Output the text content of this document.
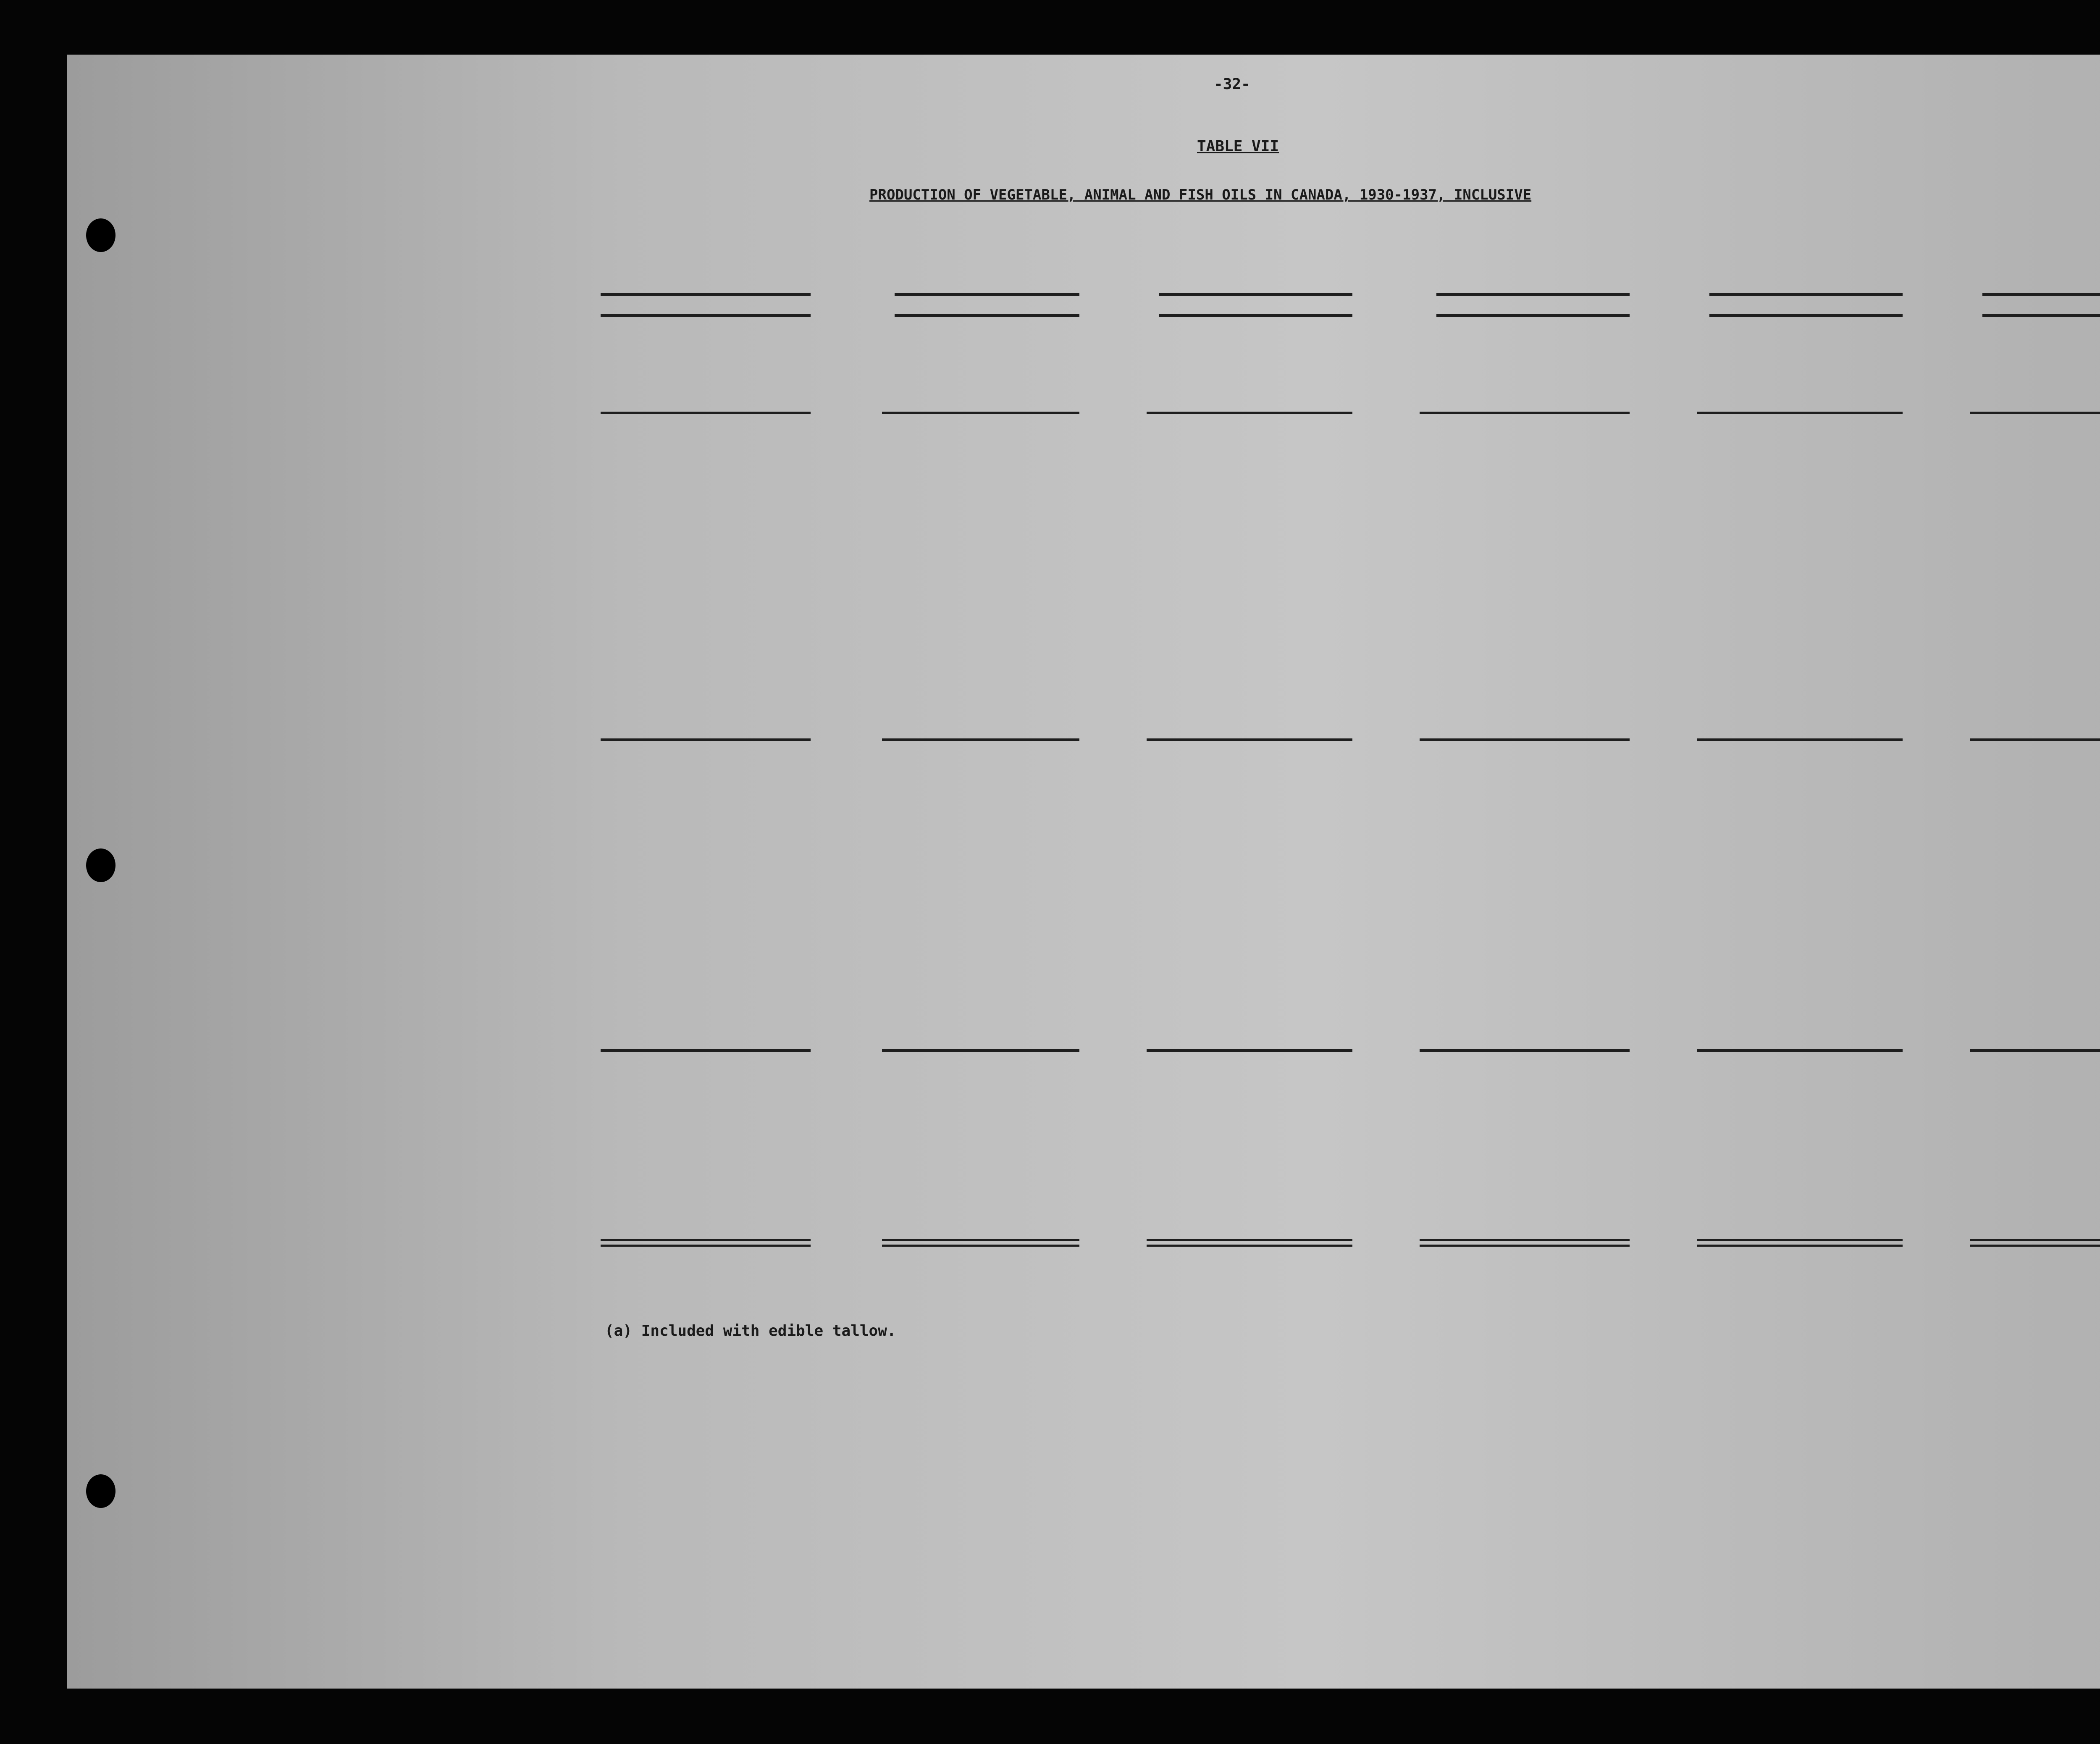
-32-
TABLE VII
PRODUCTION OF VEGETABLE, ANIMAL AND FISH OILS IN CANADA, 1930-1937, INCLUSIVE
(a) Included with edible tallow.
